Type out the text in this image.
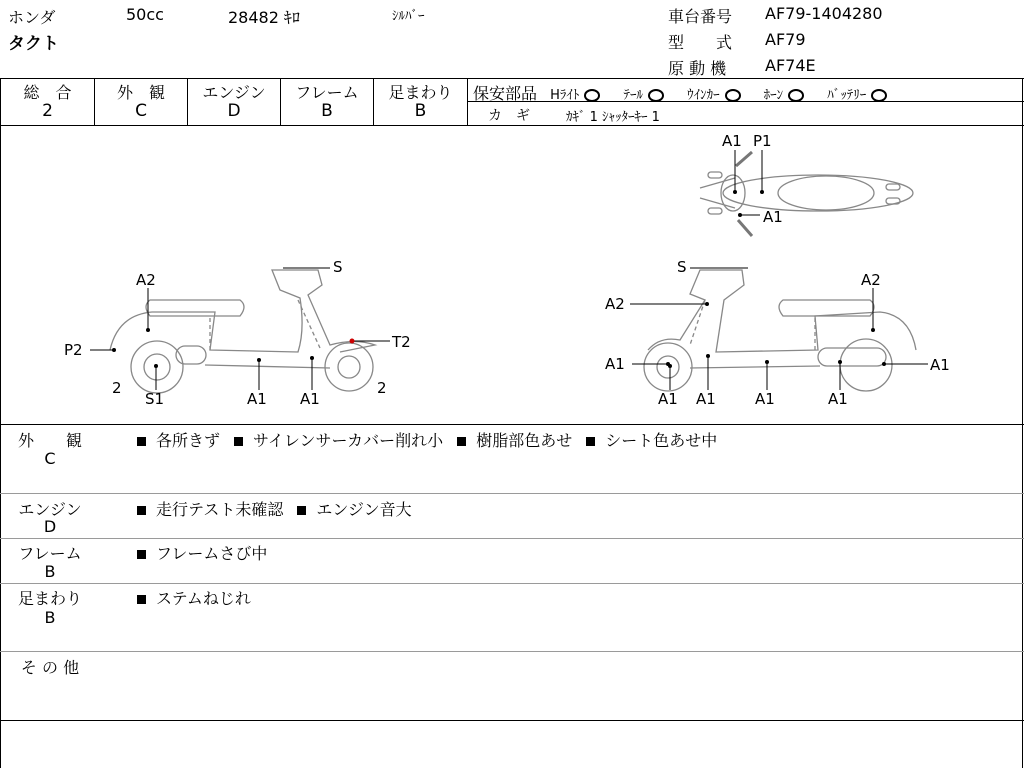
ホンダ
タクト
50cc	28482 ｷﾛ	ｼﾙﾊﾞｰ	車台番号 AF79-1404280
型　　式 AF79
原 動 機 AF74E
総　合
2
外　観
C
エンジン
D
フレーム
B
足まわり
B
保安部品 Hﾗｲﾄ	ﾃｰﾙ	ｳｲﾝｶｰ	ﾎｰﾝ	ﾊﾞｯﾃﾘｰ
カ　ギ	ｶｷﾞ 1 ｼｬｯﾀｰｷｰ 1
A1 P1
A1
S
A2
P2	T2
2
S1	A1 A1
2
S
A2
A2
A1	A1
A1 A1	A1	A1
外　　観
C
各所きず サイレンサーカバー削れ小 樹脂部色あせ シート色あせ中
エンジン
D
走行テスト未確認 エンジン音大
フレーム
B
フレームさび中
足まわり
B
ステムねじれ
そ の 他
